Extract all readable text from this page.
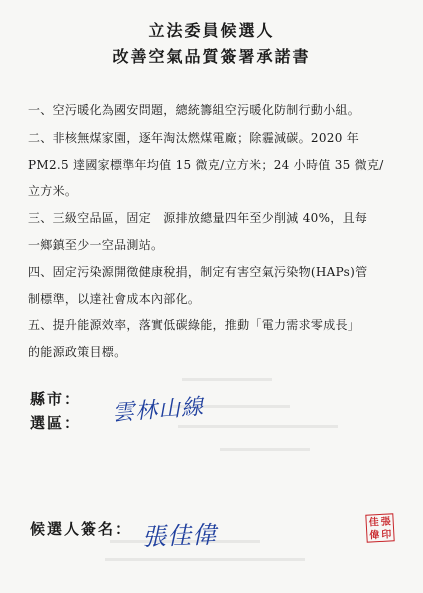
立法委員候選人
改善空氣品質簽署承諾書
一、空污暖化為國安問題，總統籌組空污暖化防制行動小組。
二、非核無煤家園，逐年淘汰燃煤電廠；除霾減碳。2020 年
PM2.5 達國家標準年均值 15 微克/立方米；24 小時值 35 微克/
立方米。
三、三級空品區，固定　源排放總量四年至少削減 40%，且每
一鄉鎮至少一空品測站。
四、固定污染源開徵健康稅捐，制定有害空氣污染物(HAPs)管
制標準，以達社會成本內部化。
五、提升能源效率，落實低碳綠能，推動「電力需求零成長」
的能源政策目標。
縣市：
選區： 雲林山線
候選人簽名： 張佳偉	佳 張
偉 印
